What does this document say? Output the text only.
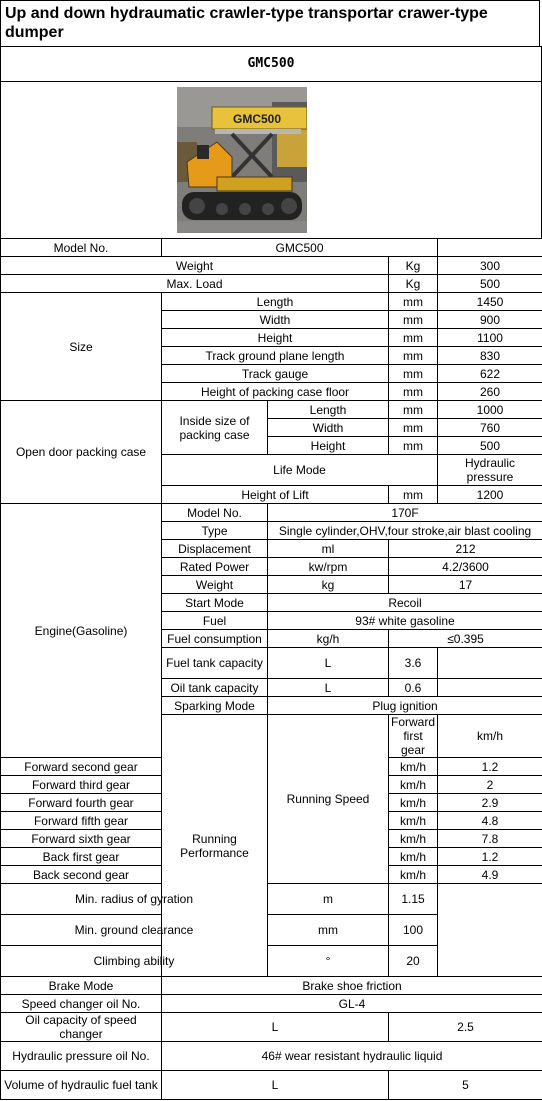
Up and down hydraumatic crawler-type transportar crawer-type dumper
GMC500
GMC500
Model No.	GMC500				
Weight			Kg	300	
Max. Load			Kg	500	
Size	Length		mm	1450	
	Width		mm	900	
	Height		mm	1100	
	Track ground plane length		mm	830	
	Track gauge		mm	622	
	Height of packing case floor		mm	260	
Open door packing case	Inside size of packing case	Length	mm	1000	
		Width	mm	760	
		Height	mm	500	
	Life Mode			Hydraulic pressure	
	Height of Lift		mm	1200	
Engine(Gasoline)	Model No.	170F			
	Type	Single cylinder,OHV,four stroke,air blast cooling			
	Displacement	ml	212		
	Rated Power	kw/rpm	4.2/3600		
	Weight	kg	17		
	Start Mode	Recoil			
	Fuel	93# white gasoline			
	Fuel consumption	kg/h	≤0.395		
	Fuel tank capacity	L	3.6		
	Oil tank capacity	L	0.6		
	Sparking Mode	Plug ignition			
	Running Performance	Running Speed	Forward first gear	km/h	
Forward second gear			km/h	1.2	
Forward third gear			km/h	2	
Forward fourth gear			km/h	2.9	
Forward fifth gear			km/h	4.8	
Forward sixth gear			km/h	7.8	
Back first gear			km/h	1.2	
Back second gear			km/h	4.9	
Min. radius of gyration		m	1.15		
Min. ground clearance		mm	100		
Climbing ability		°	20		
Brake Mode	Brake shoe friction				
Speed changer oil No.	GL-4				
Oil capacity of speed changer	L		2.5		
Hydraulic pressure oil No.	46# wear resistant hydraulic liquid				
Volume of hydraulic fuel tank	L		5		
